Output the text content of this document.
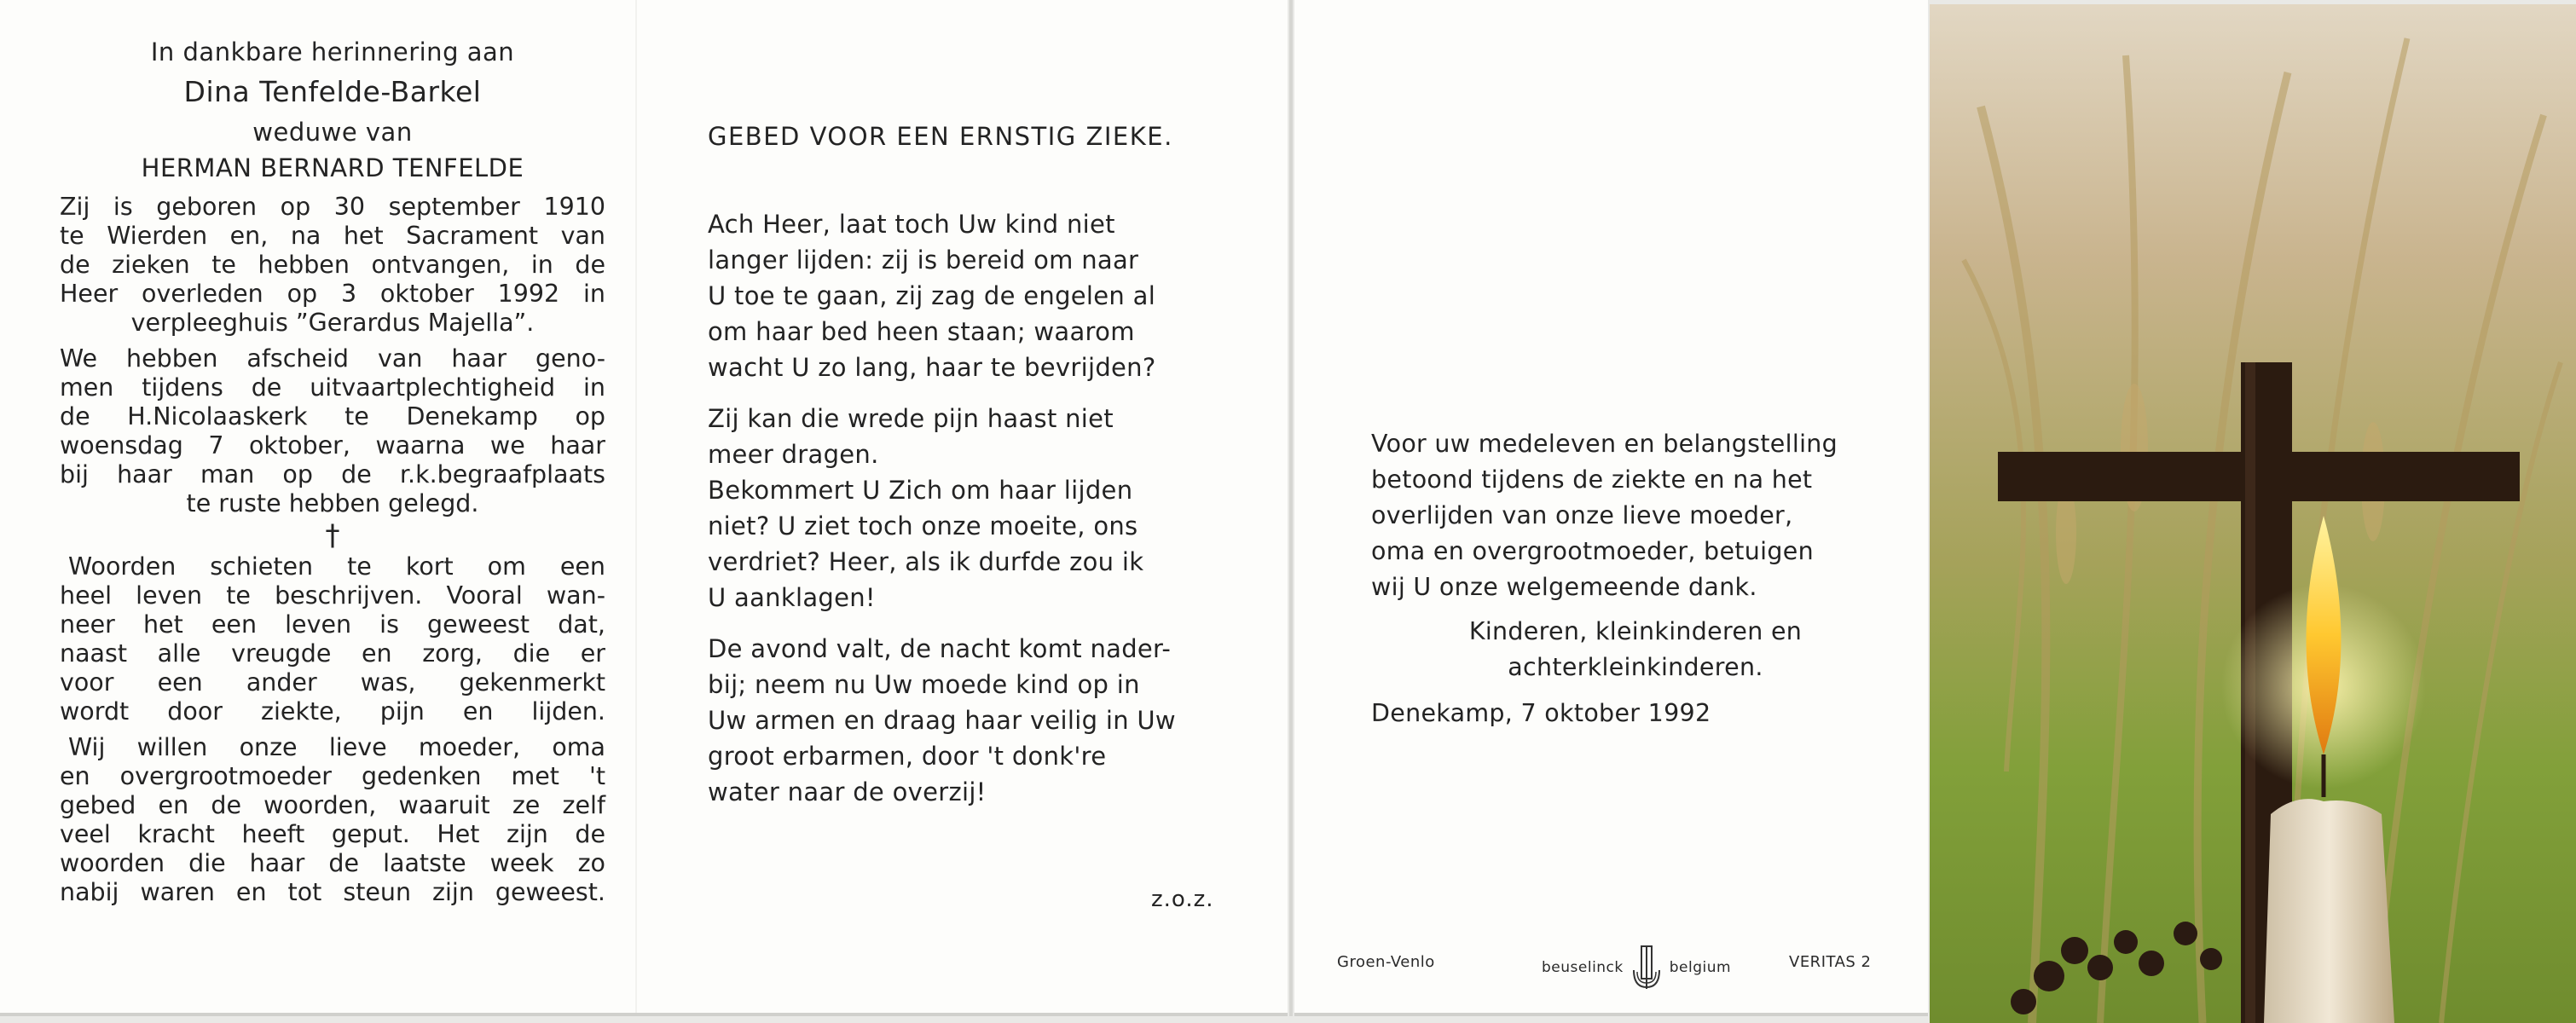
In dankbare herinnering aan
Dina Tenfelde-Barkel
weduwe van
HERMAN BERNARD TENFELDE
Zij is geboren op 30 september 1910
te Wierden en, na het Sacrament van
de zieken te hebben ontvangen, in de
Heer overleden op 3 oktober 1992 in
verpleeghuis ”Gerardus Majella”.
We hebben afscheid van haar geno-
men tijdens de uitvaartplechtigheid in
de H.Nicolaaskerk te Denekamp op
woensdag 7 oktober, waarna we haar
bij haar man op de r.k.begraafplaats
te ruste hebben gelegd.
†
Woorden schieten te kort om een
heel leven te beschrijven. Vooral wan-
neer het een leven is geweest dat,
naast alle vreugde en zorg, die er
voor een ander was, gekenmerkt
wordt door ziekte, pijn en lijden.
Wij willen onze lieve moeder, oma
en overgrootmoeder gedenken met 't
gebed en de woorden, waaruit ze zelf
veel kracht heeft geput. Het zijn de
woorden die haar de laatste week zo
nabij waren en tot steun zijn geweest.
GEBED VOOR EEN ERNSTIG ZIEKE.
Ach Heer, laat toch Uw kind niet
langer lijden: zij is bereid om naar
U toe te gaan, zij zag de engelen al
om haar bed heen staan; waarom
wacht U zo lang, haar te bevrijden?
Zij kan die wrede pijn haast niet
meer dragen.
Bekommert U Zich om haar lijden
niet? U ziet toch onze moeite, ons
verdriet? Heer, als ik durfde zou ik
U aanklagen!
De avond valt, de nacht komt nader-
bij; neem nu Uw moede kind op in
Uw armen en draag haar veilig in Uw
groot erbarmen, door 't donk're
water naar de overzij!
z.o.z.
Voor uw medeleven en belangstelling
betoond tijdens de ziekte en na het
overlijden van onze lieve moeder,
oma en overgrootmoeder, betuigen
wij U onze welgemeende dank.
Kinderen, kleinkinderen en
achterkleinkinderen.
Denekamp, 7 oktober 1992
Groen-Venlo	beuselinck	belgium	VERITAS 2
